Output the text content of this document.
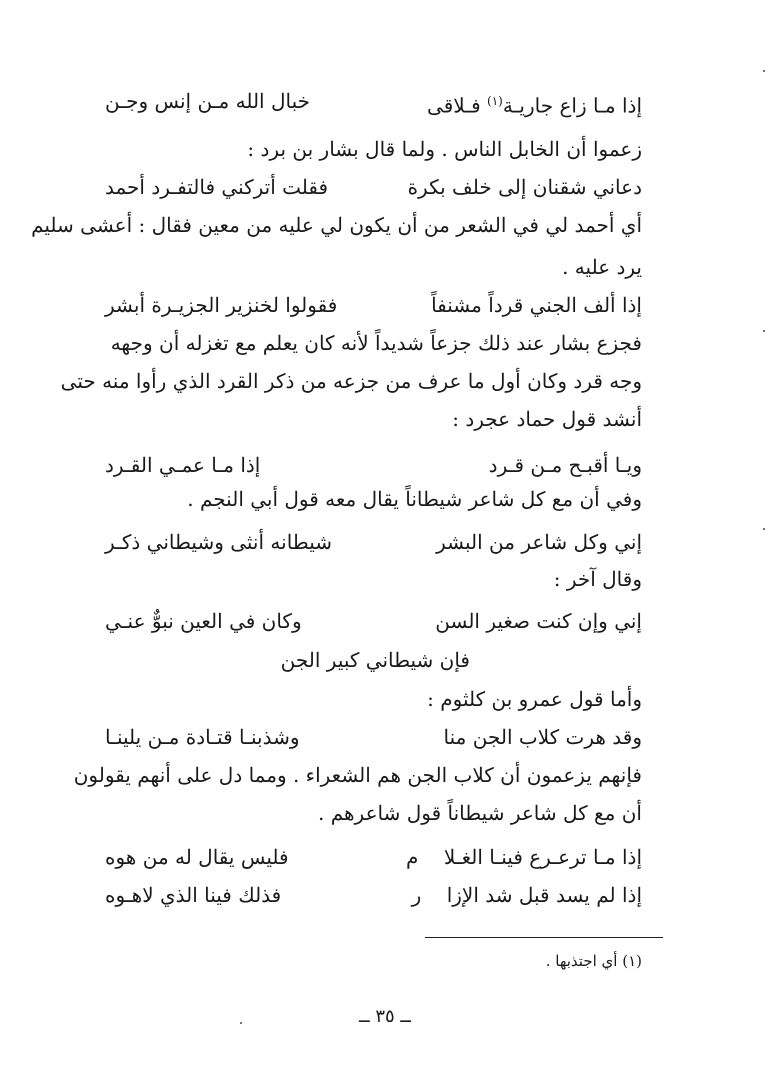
إذا مـا زاع جاريـة$^{(١)}$ فـلاقى
خبال الله مـن إنس وجـن
زعموا أن الخابل الناس . ولما قال بشار بن برد :
دعاني شقنان إلى خلف بكرة
فقلت أتركني فالتفـرد أحمد
أي أحمد لي في الشعر من أن يكون لي عليه من معين فقال : أعشى سليم
يرد عليه .
إذا ألف الجني قرداً مشنفاً
فقولوا لخنزير الجزيـرة أبشر
فجزع بشار عند ذلك جزعاً شديداً لأنه كان يعلم مع تغزله أن وجهه
وجه قرد وكان أول ما عرف من جزعه من ذكر القرد الذي رأوا منه حتى
أنشد قول حماد عجرد :
ويـا أقبـح مـن قـرد
إذا مـا عمـي القـرد
وفي أن مع كل شاعر شيطاناً يقال معه قول أبي النجم .
إني وكل شاعر من البشر
شيطانه أنثى وشيطاني ذكـر
وقال آخر :
إني وإن كنت صغير السن
وكان في العين نبوٌّ عنـي
فإن شيطاني كبير الجن
وأما قول عمرو بن كلثوم :
وقد هرت كلاب الجن منا
وشذبنـا قتـادة مـن يلينـا
فإنهم يزعمون أن كلاب الجن هم الشعراء . ومما دل على أنهم يقولون
أن مع كل شاعر شيطاناً قول شاعرهم .
إذا مـا ترعـرع فينـا الغـلا    م
فليس يقال له من هوه
إذا لم يسد قبل شد الإزا    ر
فذلك فينا الذي لاهـوه
(١) أي اجتذبها .
ــ ٣٥ ــ
